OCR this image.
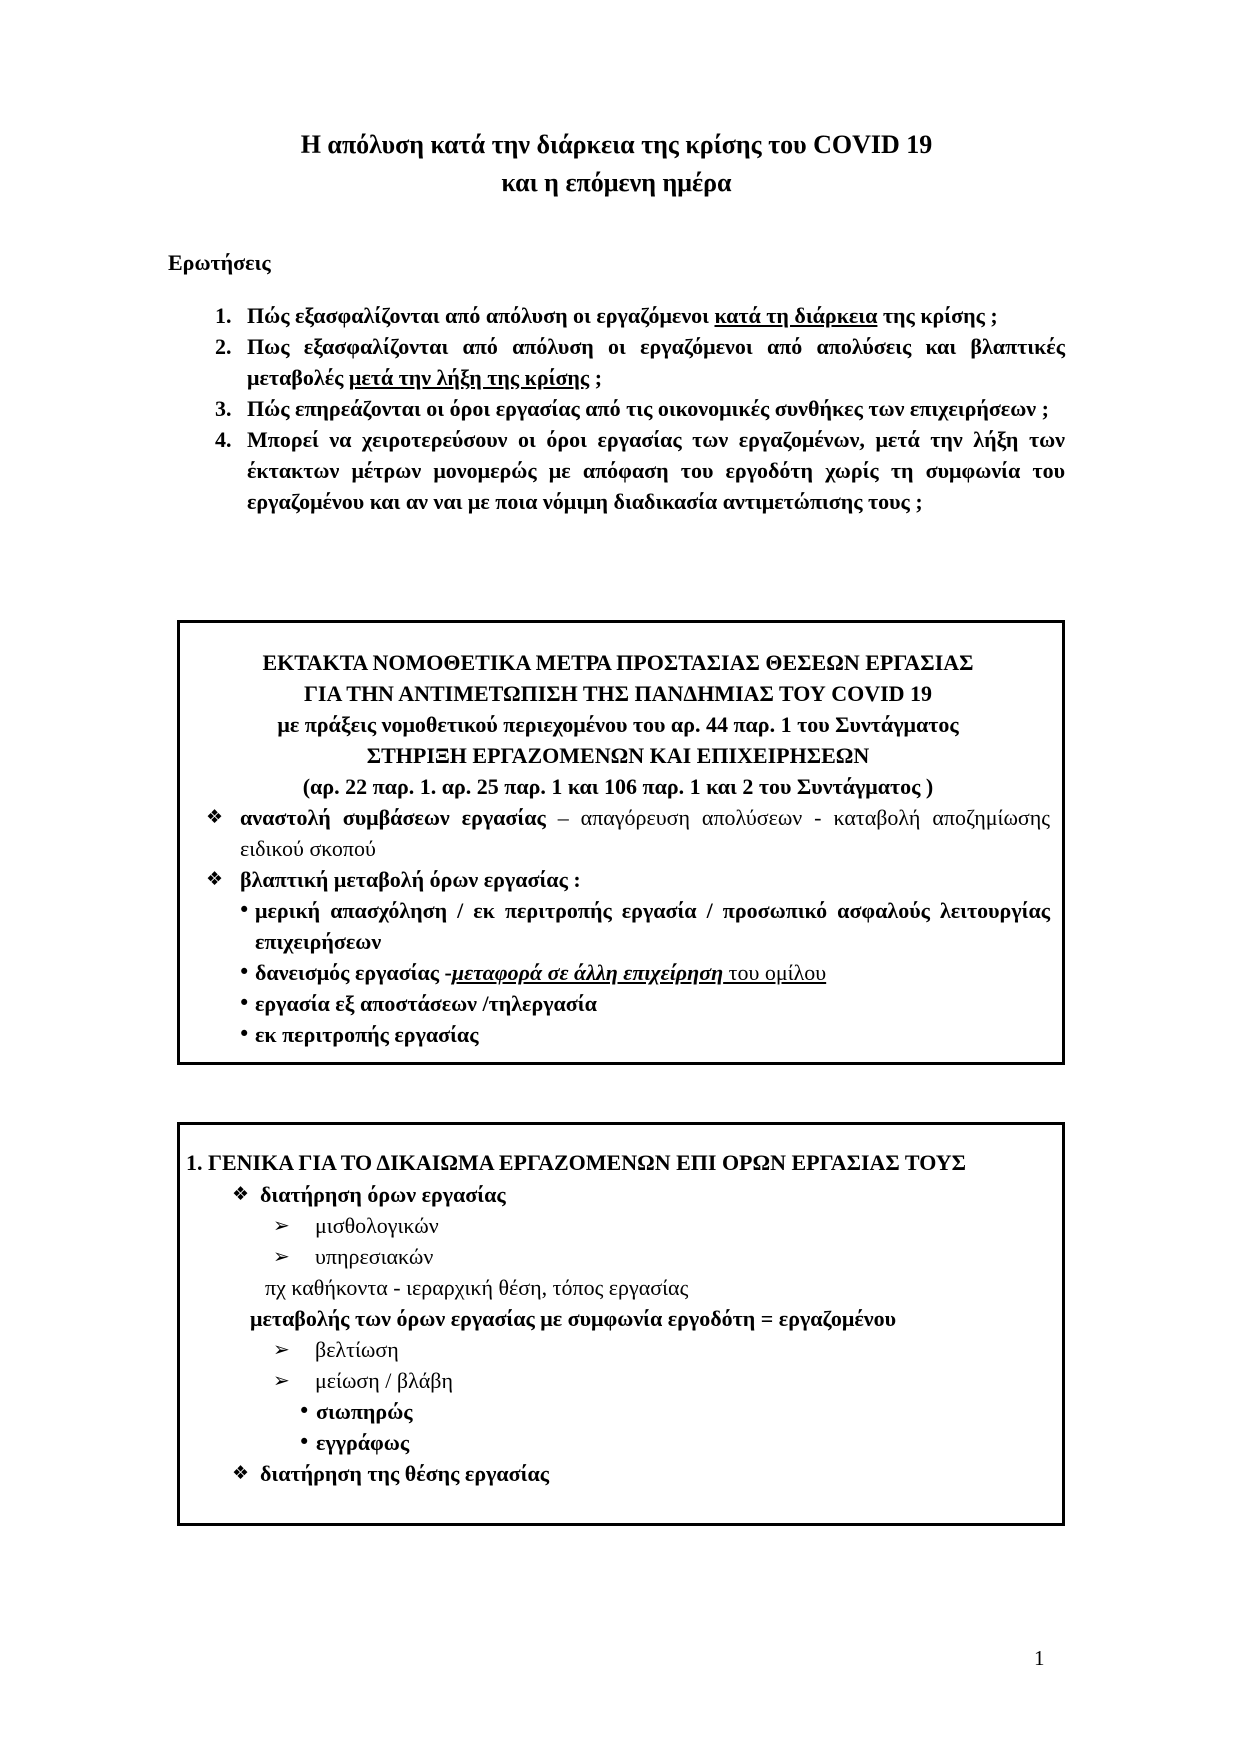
Η απόλυση κατά την διάρκεια της κρίσης του COVID 19
και η επόμενη ημέρα
Ερωτήσεις
1. Πώς εξασφαλίζονται από απόλυση οι εργαζόμενοι κατά τη διάρκεια της κρίσης ;
2. Πως εξασφαλίζονται από απόλυση οι εργαζόμενοι από απολύσεις και βλαπτικές μεταβολές μετά την λήξη της κρίσης ;
3. Πώς επηρεάζονται οι όροι εργασίας από τις οικονομικές συνθήκες των επιχειρήσεων ;
4. Μπορεί να χειροτερεύσουν οι όροι εργασίας των εργαζομένων, μετά την λήξη των έκτακτων μέτρων μονομερώς με απόφαση του εργοδότη χωρίς τη συμφωνία του εργαζομένου και αν ναι με ποια νόμιμη διαδικασία αντιμετώπισης τους ;
ΕΚΤΑΚΤΑ ΝΟΜΟΘΕΤΙΚΑ ΜΕΤΡΑ ΠΡΟΣΤΑΣΙΑΣ ΘΕΣΕΩΝ ΕΡΓΑΣΙΑΣ
ΓΙΑ ΤΗΝ ΑΝΤΙΜΕΤΩΠΙΣΗ ΤΗΣ ΠΑΝΔΗΜΙΑΣ ΤΟΥ COVID 19
με πράξεις νομοθετικού περιεχομένου του αρ. 44 παρ. 1 του Συντάγματος
ΣΤΗΡΙΞΗ ΕΡΓΑΖΟΜΕΝΩΝ ΚΑΙ ΕΠΙΧΕΙΡΗΣΕΩΝ
(αρ. 22 παρ. 1. αρ. 25 παρ. 1 και 106 παρ. 1 και 2 του Συντάγματος )
❖ αναστολή συμβάσεων εργασίας – απαγόρευση απολύσεων - καταβολή αποζημίωσης ειδικού σκοπού
❖ βλαπτική μεταβολή όρων εργασίας :
• μερική απασχόληση / εκ περιτροπής εργασία / προσωπικό ασφαλούς λειτουργίας επιχειρήσεων
• δανεισμός εργασίας -μεταφορά σε άλλη επιχείρηση του ομίλου
• εργασία εξ αποστάσεων /τηλεργασία
• εκ περιτροπής εργασίας
1. ΓΕΝΙΚΑ ΓΙΑ ΤΟ ΔΙΚΑΙΩΜΑ ΕΡΓΑΖΟΜΕΝΩΝ ΕΠΙ ΟΡΩΝ ΕΡΓΑΣΙΑΣ ΤΟΥΣ
❖ διατήρηση όρων εργασίας
➢	μισθολογικών
➢	υπηρεσιακών
πχ καθήκοντα - ιεραρχική θέση, τόπος εργασίας
μεταβολής των όρων εργασίας με συμφωνία εργοδότη = εργαζομένου
➢	βελτίωση
➢	μείωση / βλάβη
• σιωπηρώς
• εγγράφως
❖ διατήρηση της θέσης εργασίας
1
